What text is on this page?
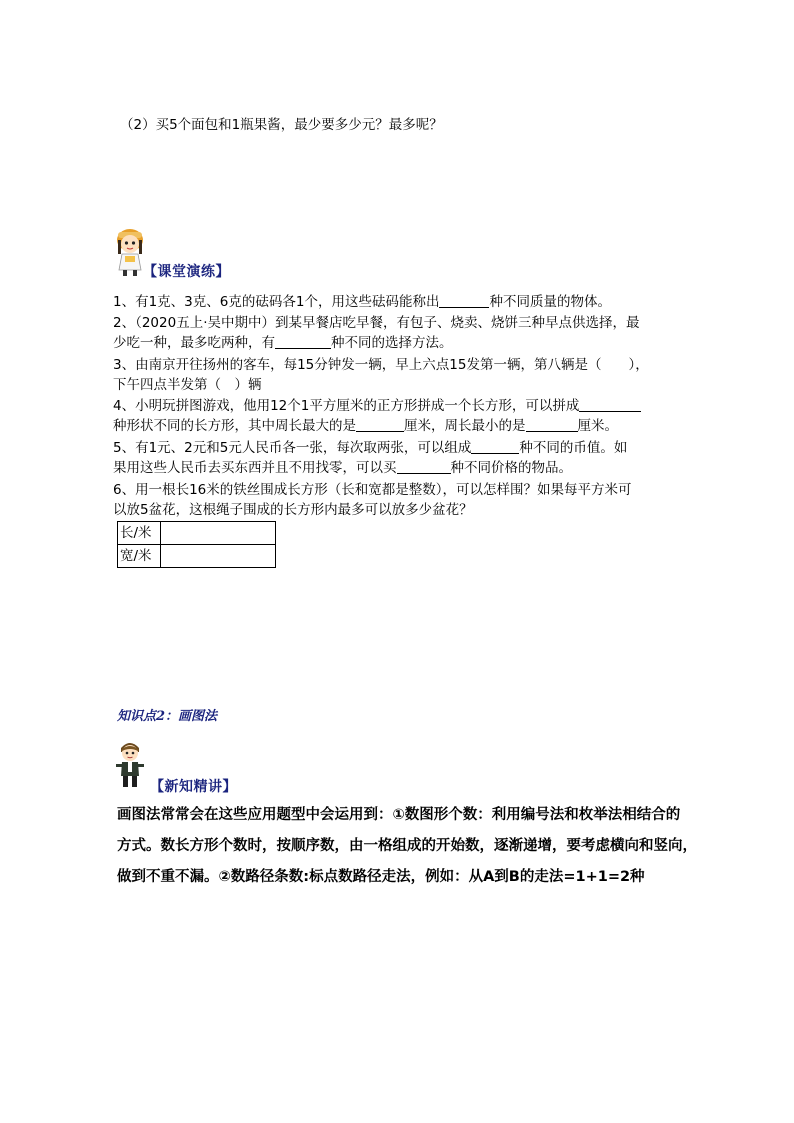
（2）买5个面包和1瓶果酱，最少要多少元？最多呢？
【课堂演练】
1、有1克、3克、6克的砝码各1个，用这些砝码能称出	种不同质量的物体。
2、（2020五上·吴中期中）到某早餐店吃早餐，有包子、烧卖、烧饼三种早点供选择，最
少吃一种，最多吃两种，有	种不同的选择方法。
3、由南京开往扬州的客车，每15分钟发一辆，早上六点15发第一辆，第八辆是（　　），
下午四点半发第（　）辆
4、小明玩拼图游戏，他用12个1平方厘米的正方形拼成一个长方形，可以拼成
种形状不同的长方形，其中周长最大的是	厘米，周长最小的是	厘米。
5、有1元、2元和5元人民币各一张，每次取两张，可以组成	种不同的币值。如
果用这些人民币去买东西并且不用找零，可以买	种不同价格的物品。
6、用一根长16米的铁丝围成长方形（长和宽都是整数），可以怎样围？如果每平方米可
以放5盆花，这根绳子围成的长方形内最多可以放多少盆花？
长/米	
宽/米	
知识点2：画图法
【新知精讲】
画图法常常会在这些应用题型中会运用到：①数图形个数：利用编号法和枚举法相结合的
方式。数长方形个数时，按顺序数，由一格组成的开始数，逐渐递增，要考虑横向和竖向，
做到不重不漏。②数路径条数:标点数路径走法，例如：从A到B的走法=1+1=2种
